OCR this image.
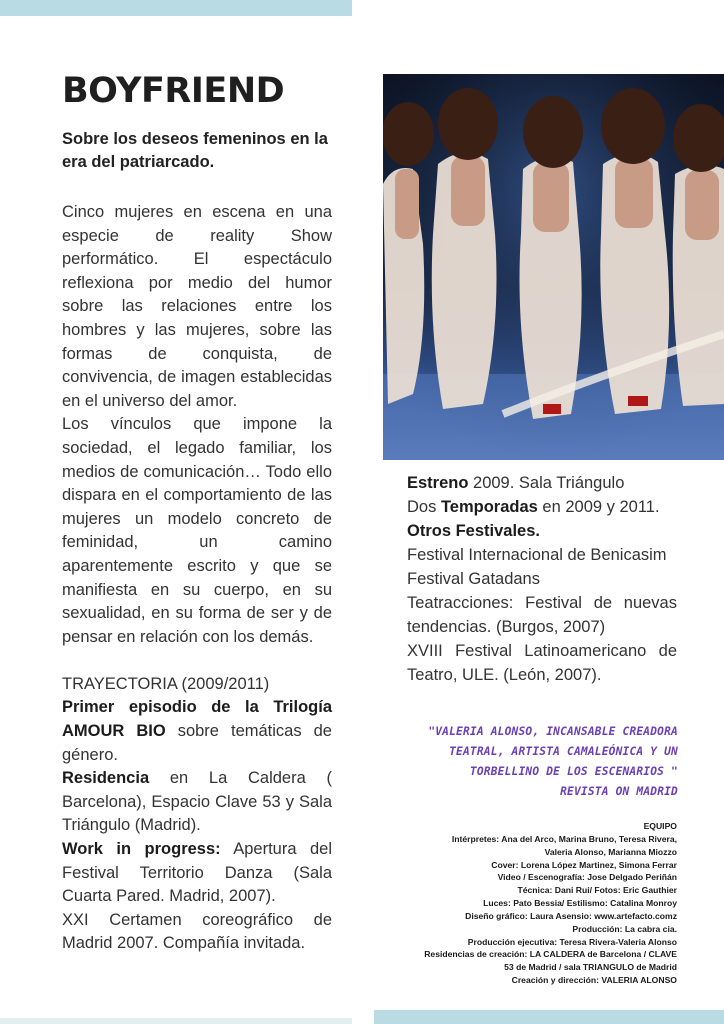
BOYFRIEND
Sobre los deseos femeninos en la era del patriarcado.

Cinco mujeres en escena en una especie de reality Show performático. El espectáculo reflexiona por medio del humor sobre las relaciones entre los hombres y las mujeres, sobre las formas de conquista, de convivencia, de imagen establecidas en el universo del amor.

Los vínculos que impone la sociedad, el legado familiar, los medios de comunicación… Todo ello dispara en el comportamiento de las mujeres un modelo concreto de feminidad, un camino aparentemente escrito y que se manifiesta en su cuerpo, en su sexualidad, en su forma de ser y de pensar en relación con los demás.

TRAYECTORIA (2009/2011)

Primer episodio de la Trilogía AMOUR BIO sobre temáticas de género.

Residencia en La Caldera ( Barcelona), Espacio Clave 53 y Sala Triángulo (Madrid).

Work in progress: Apertura del Festival Territorio Danza (Sala Cuarta Pared. Madrid, 2007).

XXI Certamen coreográfico de Madrid 2007. Compañía invitada.

Estreno 2009. Sala Triángulo

Dos Temporadas en 2009 y 2011.

Otros Festivales.

Festival Internacional de Benicasim

Festival Gatadans

Teatracciones: Festival de nuevas tendencias. (Burgos, 2007)

XVIII Festival Latinoamericano de Teatro, ULE. (León, 2007).

"VALERIA ALONSO, INCANSABLE CREADORA
TEATRAL, ARTISTA CAMALEÓNICA Y UN
TORBELLINO DE LOS ESCENARIOS "
REVISTA ON MADRID
EQUIPO
Intérpretes: Ana del Arco, Marina Bruno, Teresa Rivera,
Valeria Alonso, Marianna Miozzo
Cover: Lorena López Martinez, Simona Ferrar
Video / Escenografía: Jose Delgado Periñán
Técnica: Dani Rui/ Fotos: Eric Gauthier
Luces: Pato Bessia/ Estilismo: Catalina Monroy
Diseño gráfico: Laura Asensio: www.artefacto.comz
Producción: La cabra cia.
Producción ejecutiva: Teresa Rivera-Valeria Alonso
Residencias de creación: LA CALDERA de Barcelona / CLAVE
53 de Madrid / sala TRIANGULO de Madrid
Creación y dirección: VALERIA ALONSO
